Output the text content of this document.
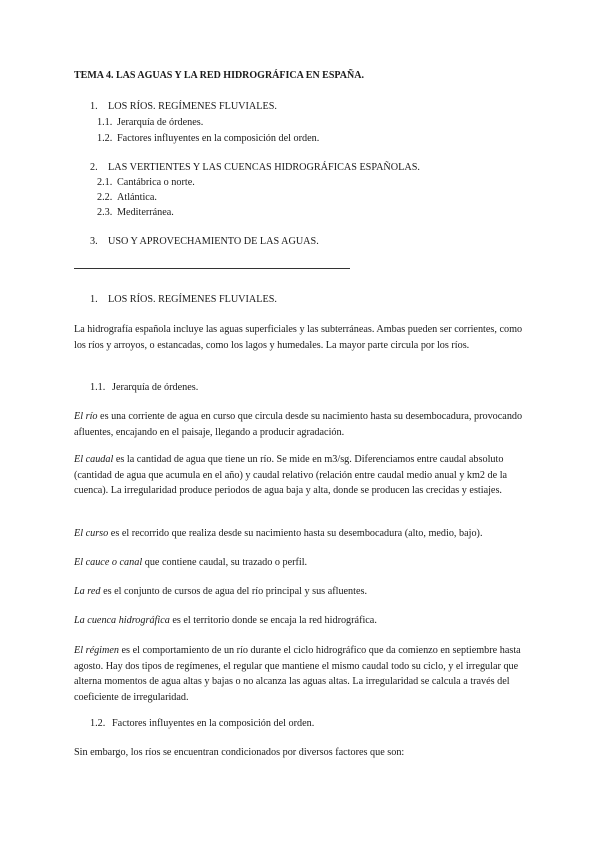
TEMA 4. LAS AGUAS Y LA RED HIDROGRÁFICA EN ESPAÑA.
1. LOS RÍOS. REGÍMENES FLUVIALES.
1.1. Jerarquía de órdenes.
1.2. Factores influyentes en la composición del orden.
2. LAS VERTIENTES Y LAS CUENCAS HIDROGRÁFICAS ESPAÑOLAS.
2.1. Cantábrica o norte.
2.2. Atlántica.
2.3. Mediterránea.
3. USO Y APROVECHAMIENTO DE LAS AGUAS.
1. LOS RÍOS. REGÍMENES FLUVIALES.
La hidrografía española incluye las aguas superficiales y las subterráneas. Ambas pueden ser corrientes, como los ríos y arroyos, o estancadas, como los lagos y humedales. La mayor parte circula por los ríos.
1.1. Jerarquía de órdenes.
El río es una corriente de agua en curso que circula desde su nacimiento hasta su desembocadura, provocando afluentes, encajando en el paisaje, llegando a producir agradación.
El caudal es la cantidad de agua que tiene un río. Se mide en m3/sg. Diferenciamos entre caudal absoluto (cantidad de agua que acumula en el año) y caudal relativo (relación entre caudal medio anual y km2 de la cuenca). La irregularidad produce periodos de agua baja y alta, donde se producen las crecidas y estiajes.
El curso es el recorrido que realiza desde su nacimiento hasta su desembocadura (alto, medio, bajo).
El cauce o canal que contiene caudal, su trazado o perfil.
La red es el conjunto de cursos de agua del río principal y sus afluentes.
La cuenca hidrográfica es el territorio donde se encaja la red hidrográfica.
El régimen es el comportamiento de un río durante el ciclo hidrográfico que da comienzo en septiembre hasta agosto. Hay dos tipos de regímenes, el regular que mantiene el mismo caudal todo su ciclo, y el irregular que alterna momentos de agua altas y bajas o no alcanza las aguas altas. La irregularidad se calcula a través del coeficiente de irregularidad.
1.2. Factores influyentes en la composición del orden.
Sin embargo, los ríos se encuentran condicionados por diversos factores que son:
